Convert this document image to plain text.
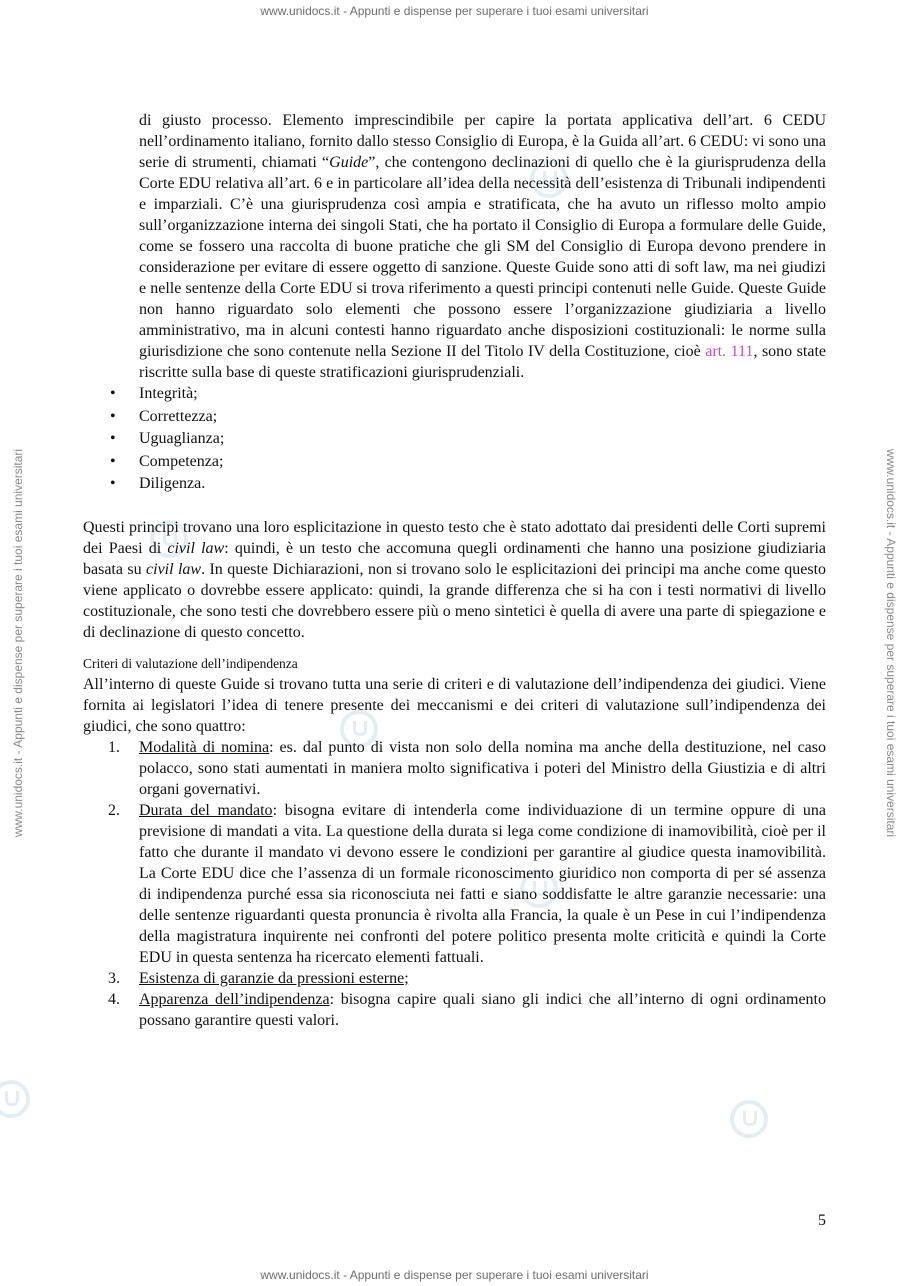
www.unidocs.it - Appunti e dispense per superare i tuoi esami universitari
www.unidocs.it - Appunti e dispense per superare i tuoi esami universitari	www.unidocs.it - Appunti e dispense per superare i tuoi esami universitari

di giusto processo. Elemento imprescindibile per capire la portata applicativa dell’art. 6 CEDU nell’ordinamento italiano, fornito dallo stesso Consiglio di Europa, è la Guida all’art. 6 CEDU: vi sono una serie di strumenti, chiamati “Guide”, che contengono declinazioni di quello che è la giurisprudenza della Corte EDU relativa all’art. 6 e in particolare all’idea della necessità dell’esistenza di Tribunali indipendenti e imparziali. C’è una giurisprudenza così ampia e stratificata, che ha avuto un riflesso molto ampio sull’organizzazione interna dei singoli Stati, che ha portato il Consiglio di Europa a formulare delle Guide, come se fossero una raccolta di buone pratiche che gli SM del Consiglio di Europa devono prendere in considerazione per evitare di essere oggetto di sanzione. Queste Guide sono atti di soft law, ma nei giudizi e nelle sentenze della Corte EDU si trova riferimento a questi principi contenuti nelle Guide. Queste Guide non hanno riguardato solo elementi che possono essere l’organizzazione giudiziaria a livello amministrativo, ma in alcuni contesti hanno riguardato anche disposizioni costituzionali: le norme sulla giurisdizione che sono contenute nella Sezione II del Titolo IV della Costituzione, cioè art. 111, sono state riscritte sulla base di queste stratificazioni giurisprudenziali.

• Integrità;
• Correttezza;
• Uguaglianza;
• Competenza;
• Diligenza.

Questi principi trovano una loro esplicitazione in questo testo che è stato adottato dai presidenti delle Corti supremi dei Paesi di civil law: quindi, è un testo che accomuna quegli ordinamenti che hanno una posizione giudiziaria basata su civil law. In queste Dichiarazioni, non si trovano solo le esplicitazioni dei principi ma anche come questo viene applicato o dovrebbe essere applicato: quindi, la grande differenza che si ha con i testi normativi di livello costituzionale, che sono testi che dovrebbero essere più o meno sintetici è quella di avere una parte di spiegazione e di declinazione di questo concetto.

Criteri di valutazione dell’indipendenza

All’interno di queste Guide si trovano tutta una serie di criteri e di valutazione dell’indipendenza dei giudici. Viene fornita ai legislatori l’idea di tenere presente dei meccanismi e dei criteri di valutazione sull’indipendenza dei giudici, che sono quattro:

1. Modalità di nomina: es. dal punto di vista non solo della nomina ma anche della destituzione, nel caso polacco, sono stati aumentati in maniera molto significativa i poteri del Ministro della Giustizia e di altri organi governativi.
2. Durata del mandato: bisogna evitare di intenderla come individuazione di un termine oppure di una previsione di mandati a vita. La questione della durata si lega come condizione di inamovibilità, cioè per il fatto che durante il mandato vi devono essere le condizioni per garantire al giudice questa inamovibilità. La Corte EDU dice che l’assenza di un formale riconoscimento giuridico non comporta di per sé assenza di indipendenza purché essa sia riconosciuta nei fatti e siano soddisfatte le altre garanzie necessarie: una delle sentenze riguardanti questa pronuncia è rivolta alla Francia, la quale è un Pese in cui l’indipendenza della magistratura inquirente nei confronti del potere politico presenta molte criticità e quindi la Corte EDU in questa sentenza ha ricercato elementi fattuali.
3. Esistenza di garanzie da pressioni esterne;
4. Apparenza dell’indipendenza: bisogna capire quali siano gli indici che all’interno di ogni ordinamento possano garantire questi valori.
5
www.unidocs.it - Appunti e dispense per superare i tuoi esami universitari
